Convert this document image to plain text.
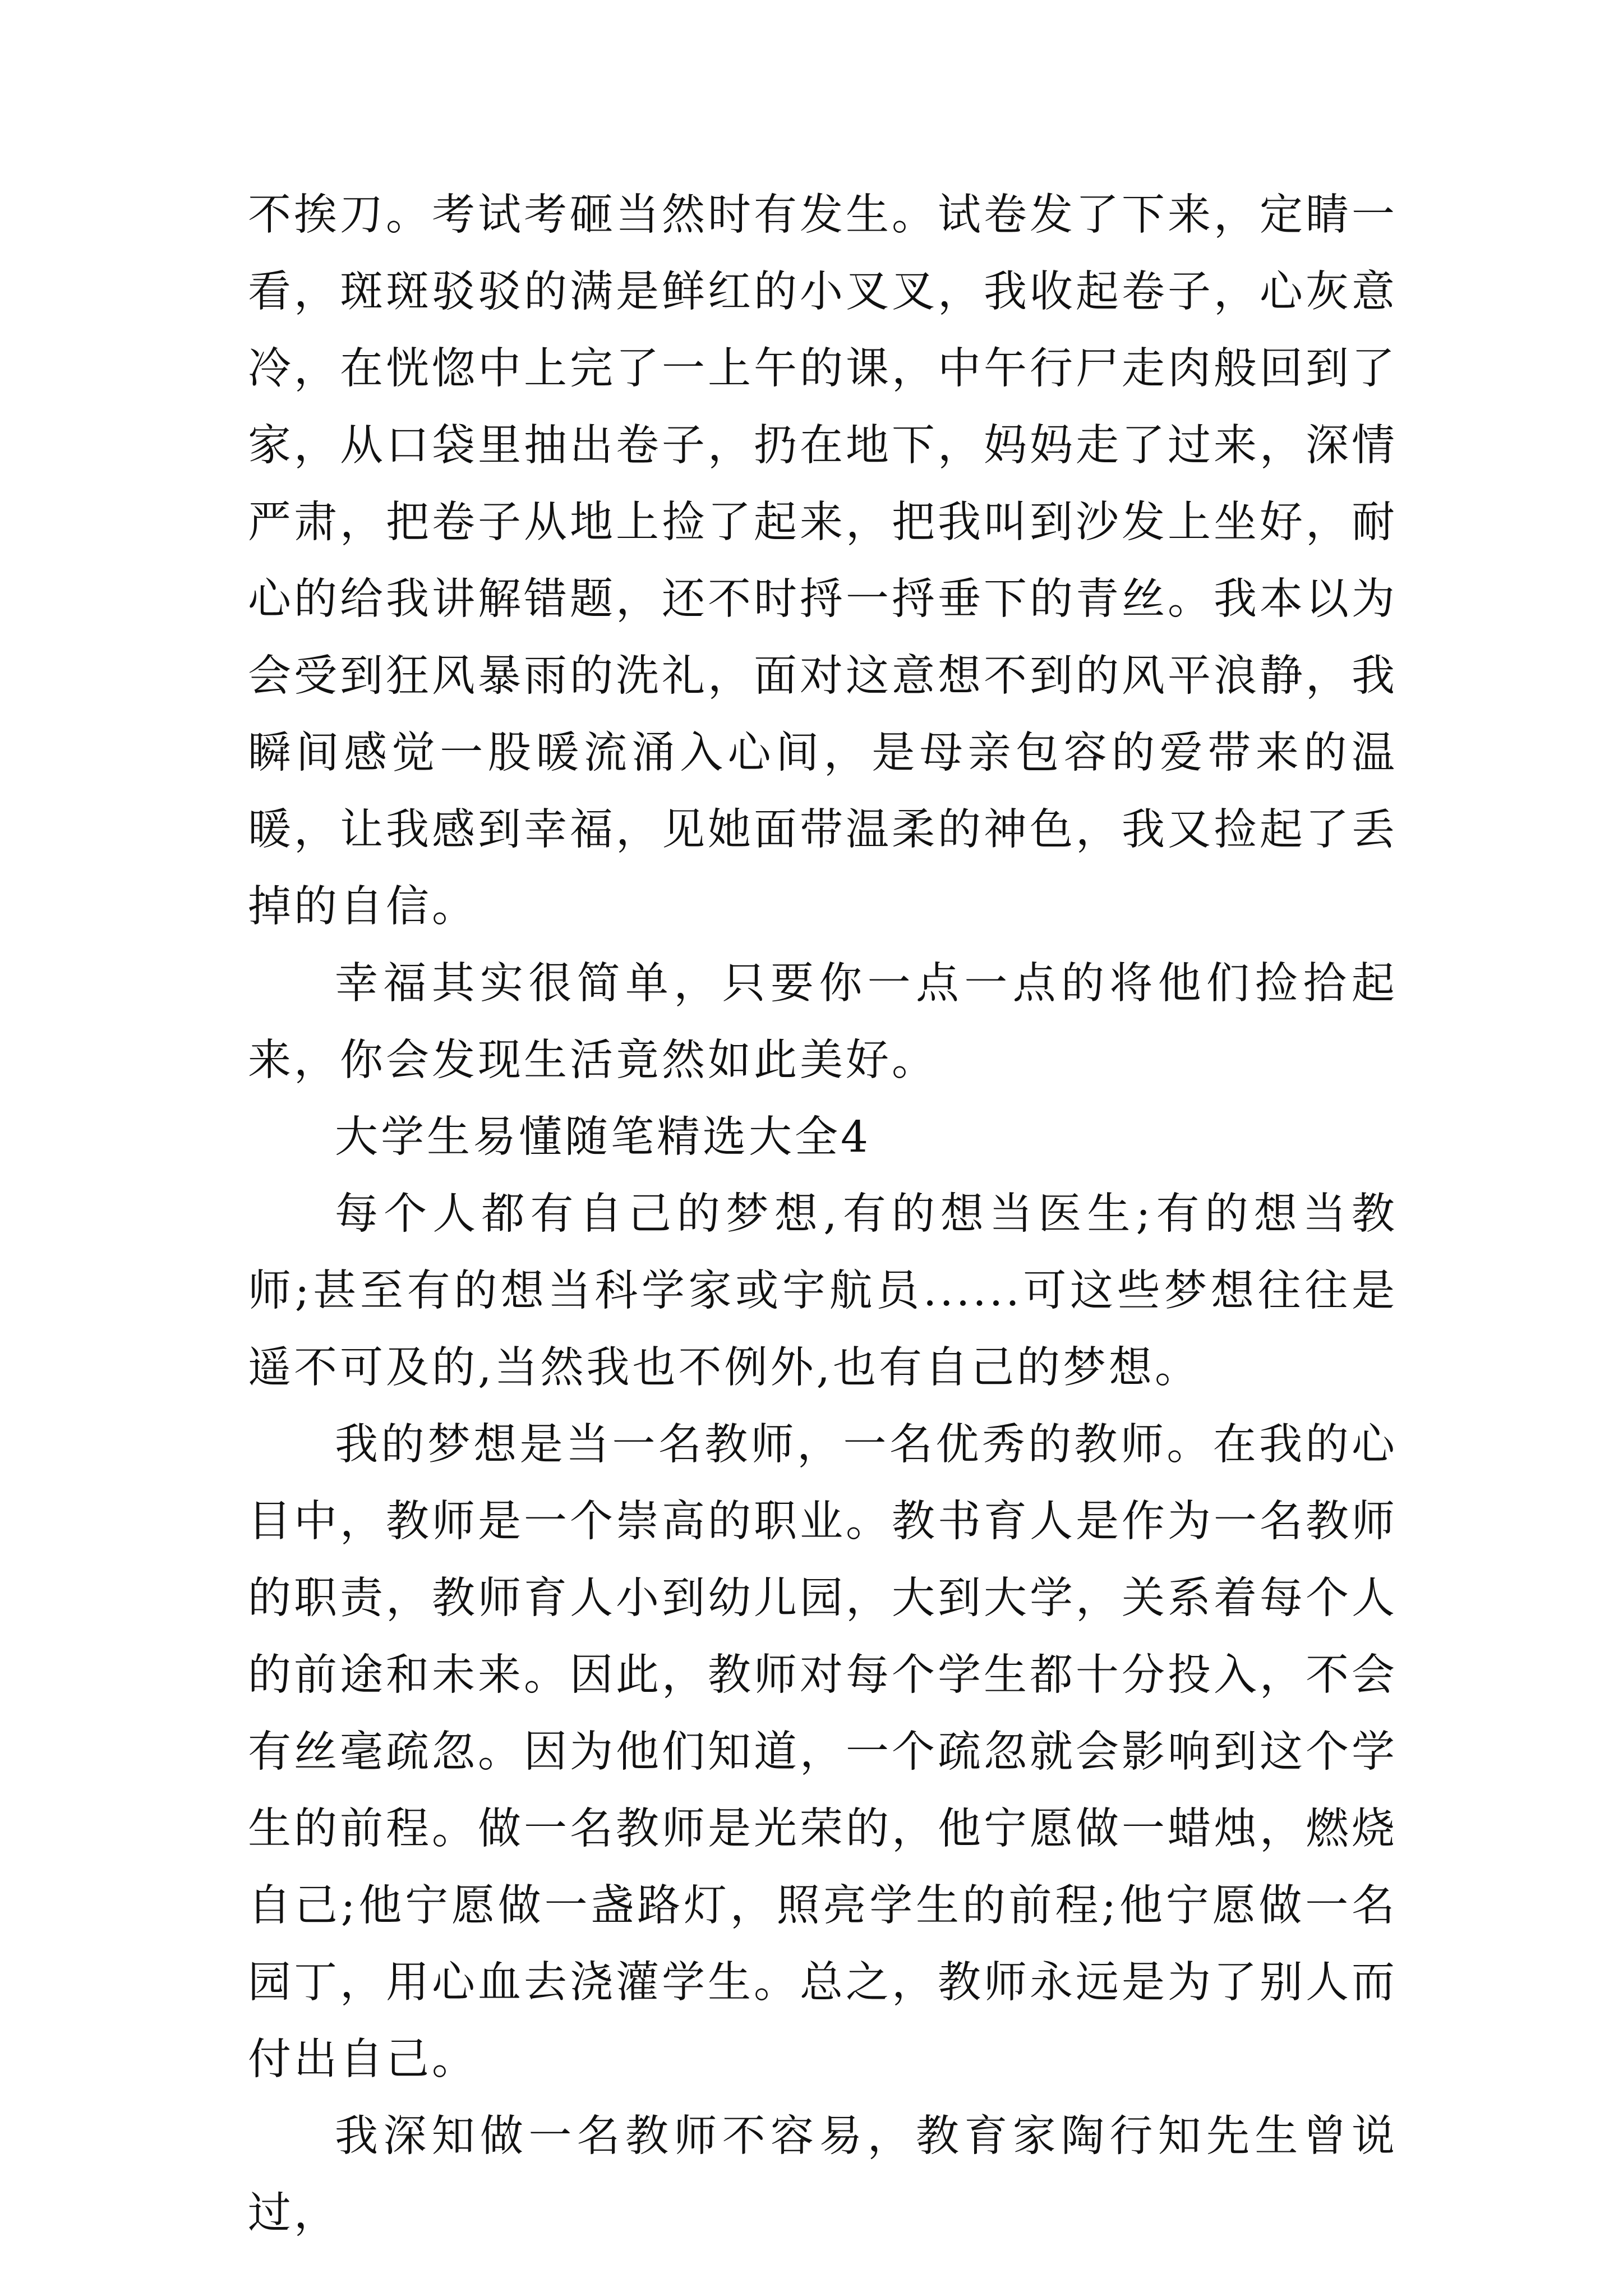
不挨刀。考试考砸当然时有发生。试卷发了下来，定睛一看，斑斑驳驳的满是鲜红的小叉叉，我收起卷子，心灰意冷，在恍惚中上完了一上午的课，中午行尸走肉般回到了家，从口袋里抽出卷子，扔在地下，妈妈走了过来，深情严肃，把卷子从地上捡了起来，把我叫到沙发上坐好，耐心的给我讲解错题，还不时捋一捋垂下的青丝。我本以为会受到狂风暴雨的洗礼，面对这意想不到的风平浪静，我瞬间感觉一股暖流涌入心间，是母亲包容的爱带来的温暖，让我感到幸福，见她面带温柔的神色，我又捡起了丢掉的自信。

幸福其实很简单，只要你一点一点的将他们捡拾起来，你会发现生活竟然如此美好。

大学生易懂随笔精选大全4

每个人都有自己的梦想,有的想当医生;有的想当教师;甚至有的想当科学家或宇航员......可这些梦想往往是遥不可及的,当然我也不例外,也有自己的梦想。

我的梦想是当一名教师，一名优秀的教师。在我的心目中，教师是一个崇高的职业。教书育人是作为一名教师的职责，教师育人小到幼儿园，大到大学，关系着每个人的前途和未来。因此，教师对每个学生都十分投入，不会有丝毫疏忽。因为他们知道，一个疏忽就会影响到这个学生的前程。做一名教师是光荣的，他宁愿做一蜡烛，燃烧自己;他宁愿做一盏路灯，照亮学生的前程;他宁愿做一名园丁，用心血去浇灌学生。总之，教师永远是为了别人而付出自己。

我深知做一名教师不容易，教育家陶行知先生曾说过，
